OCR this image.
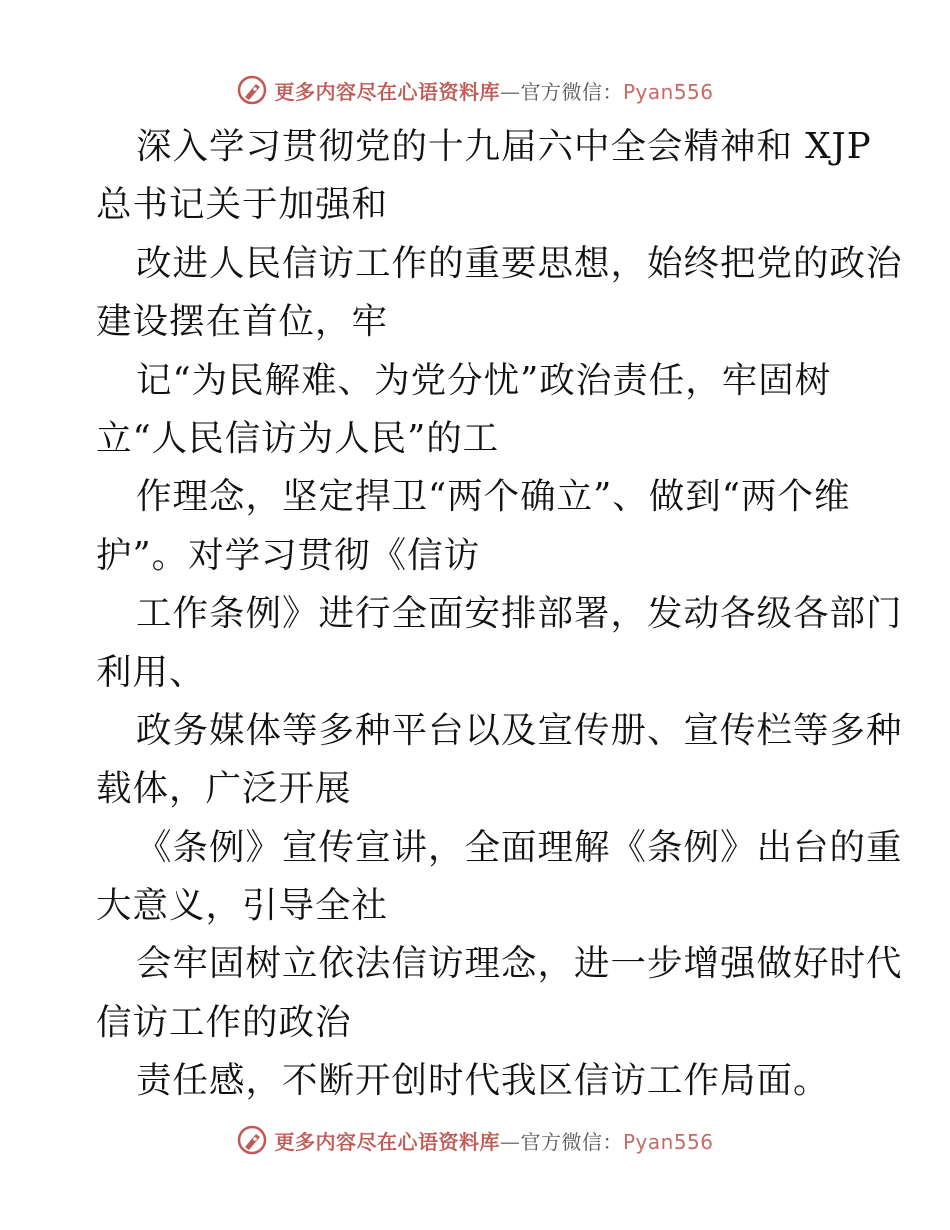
更多内容尽在心语资料库—官方微信：Pyan556
深入学习贯彻党的十九届六中全会精神和 XJP
总书记关于加强和
改进人民信访工作的重要思想，始终把党的政治
建设摆在首位，牢
记“为民解难、为党分忧”政治责任，牢固树
立“人民信访为人民”的工
作理念，坚定捍卫“两个确立”、做到“两个维
护”。对学习贯彻《信访
工作条例》进行全面安排部署，发动各级各部门
利用、
政务媒体等多种平台以及宣传册、宣传栏等多种
载体，广泛开展
《条例》宣传宣讲，全面理解《条例》出台的重
大意义，引导全社
会牢固树立依法信访理念，进一步增强做好时代
信访工作的政治
责任感，不断开创时代我区信访工作局面。
更多内容尽在心语资料库—官方微信：Pyan556
